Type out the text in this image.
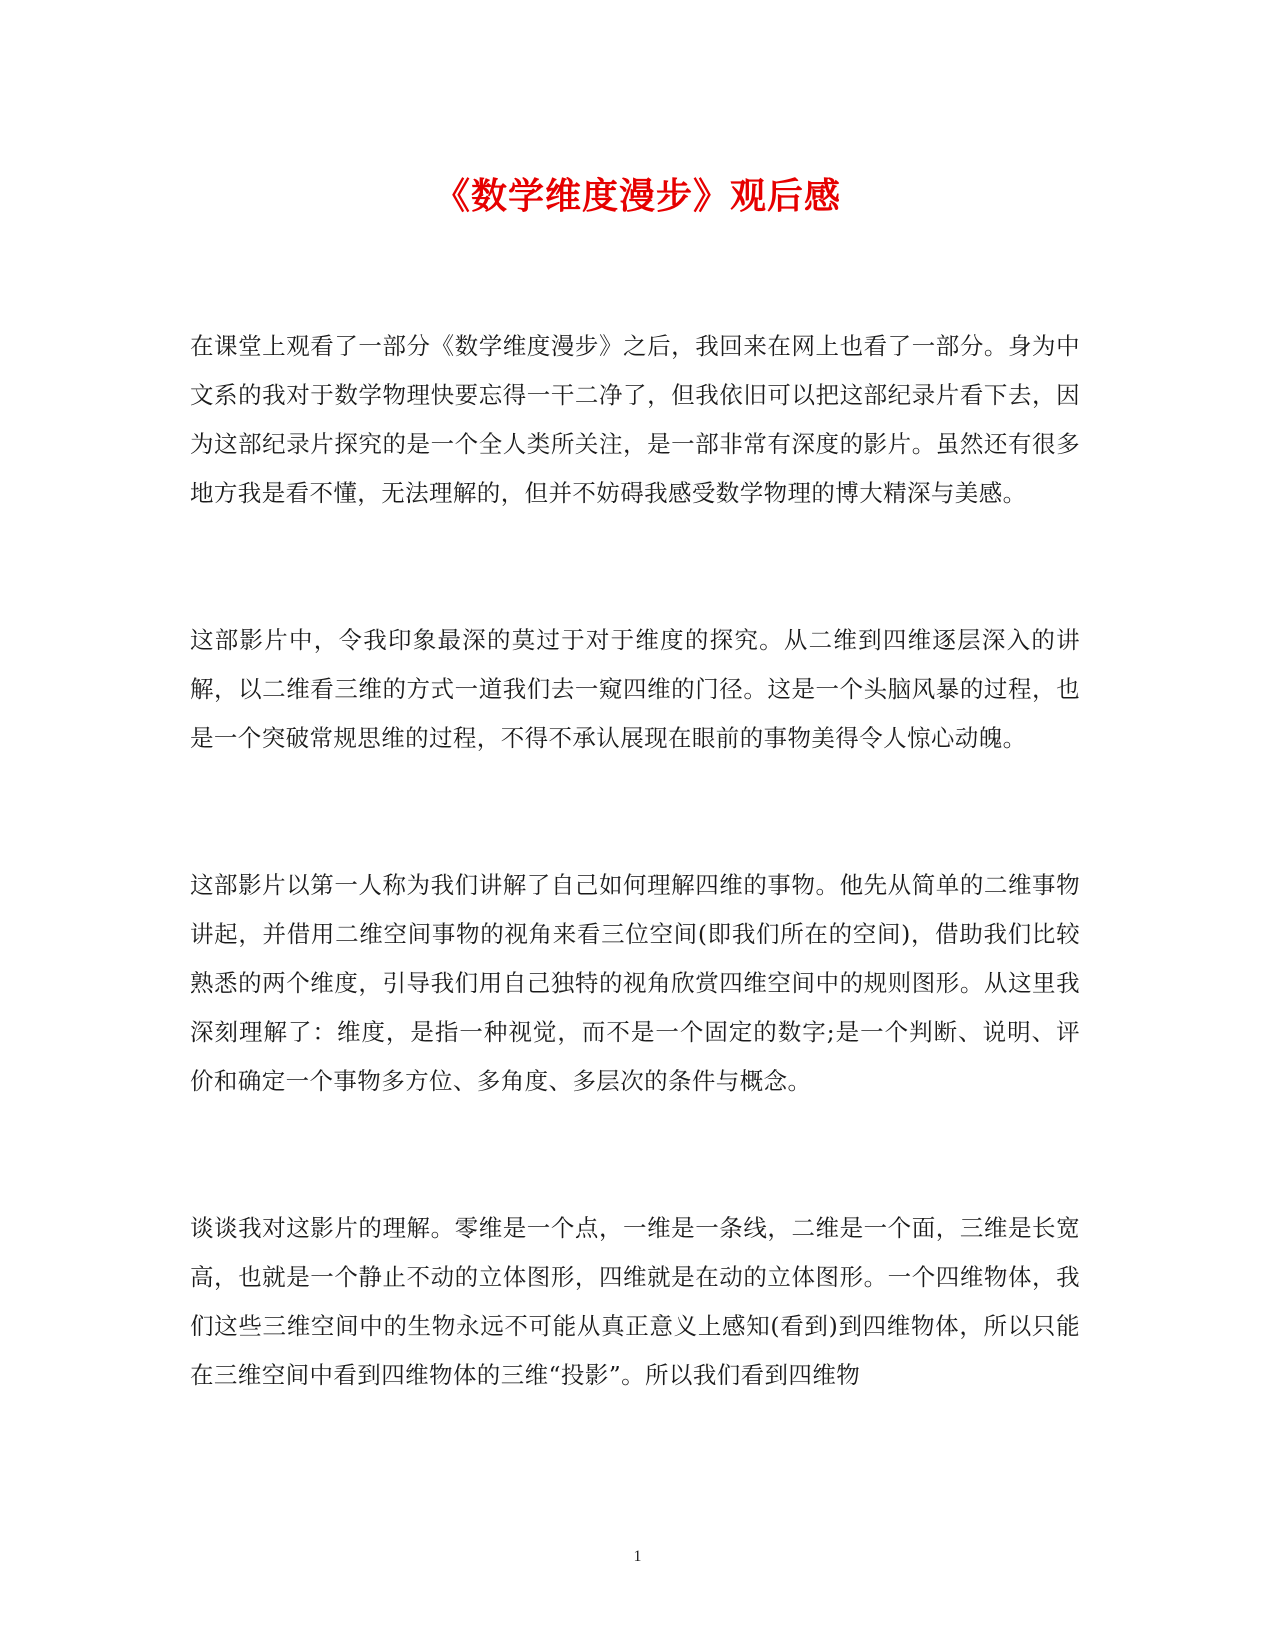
《数学维度漫步》观后感

在课堂上观看了一部分《数学维度漫步》之后，我回来在网上也看了一部分。身为中文系的我对于数学物理快要忘得一干二净了，但我依旧可以把这部纪录片看下去，因为这部纪录片探究的是一个全人类所关注，是一部非常有深度的影片。虽然还有很多地方我是看不懂，无法理解的，但并不妨碍我感受数学物理的博大精深与美感。

这部影片中，令我印象最深的莫过于对于维度的探究。从二维到四维逐层深入的讲解，以二维看三维的方式一道我们去一窥四维的门径。这是一个头脑风暴的过程，也是一个突破常规思维的过程，不得不承认展现在眼前的事物美得令人惊心动魄。

这部影片以第一人称为我们讲解了自己如何理解四维的事物。他先从简单的二维事物讲起，并借用二维空间事物的视角来看三位空间(即我们所在的空间)，借助我们比较熟悉的两个维度，引导我们用自己独特的视角欣赏四维空间中的规则图形。从这里我深刻理解了：维度，是指一种视觉，而不是一个固定的数字;是一个判断、说明、评价和确定一个事物多方位、多角度、多层次的条件与概念。

谈谈我对这影片的理解。零维是一个点，一维是一条线，二维是一个面，三维是长宽高，也就是一个静止不动的立体图形，四维就是在动的立体图形。一个四维物体，我们这些三维空间中的生物永远不可能从真正意义上感知(看到)到四维物体，所以只能在三维空间中看到四维物体的三维“投影”。所以我们看到四维物

1
